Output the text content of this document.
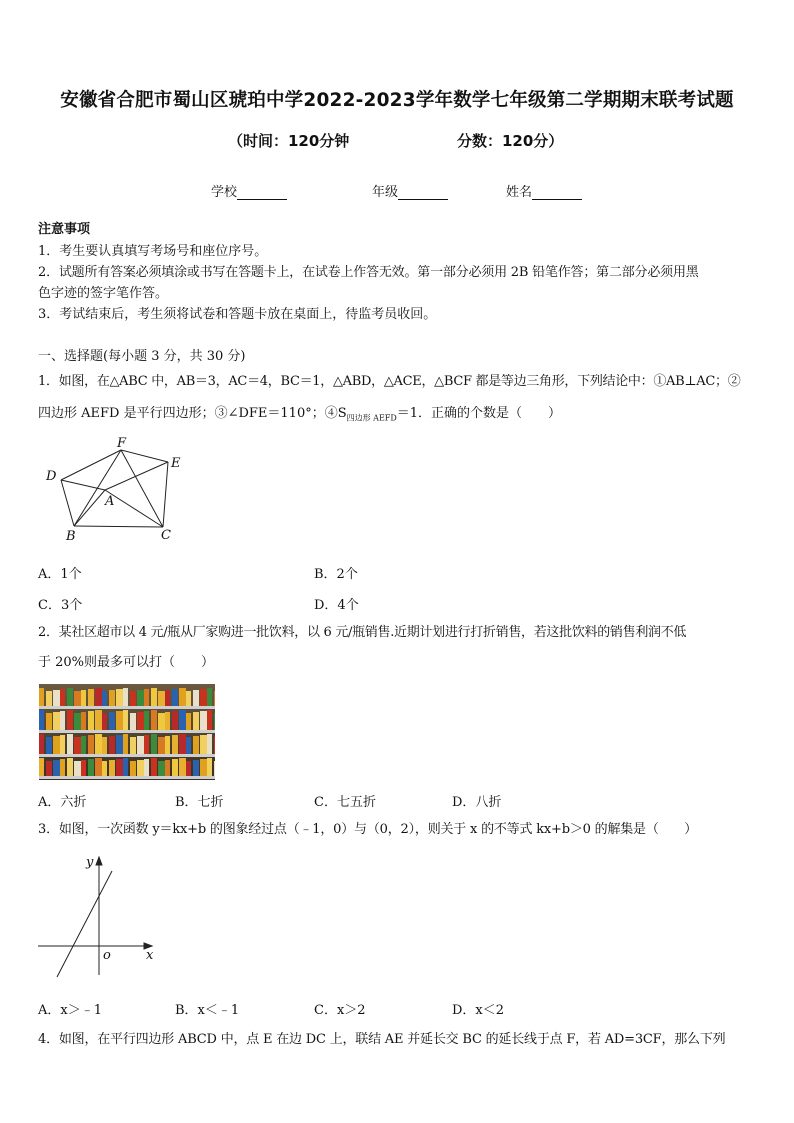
安徽省合肥市蜀山区琥珀中学2022-2023学年数学七年级第二学期期末联考试题
（时间：120分钟	分数：120分）
学校	年级	姓名
注意事项
1．考生要认真填写考场号和座位序号。
2．试题所有答案必须填涂或书写在答题卡上，在试卷上作答无效。第一部分必须用 2B 铅笔作答；第二部分必须用黑
色字迹的签字笔作答。
3．考试结束后，考生须将试卷和答题卡放在桌面上，待监考员收回。
一、选择题(每小题 3 分，共 30 分)
1．如图，在△ABC 中，AB＝3，AC＝4，BC＝1，△ABD，△ACE，△BCF 都是等边三角形，下列结论中：①AB⊥AC；②
四边形 AEFD 是平行四边形；③∠DFE＝110°；$④S_{四边形 AEFD}=1$．正确的个数是（　　）
F
E
D
A
B	C
A．1个	B．2个
C．3个	D．4个
2．某社区超市以 4 元/瓶从厂家购进一批饮料，以 6 元/瓶销售.近期计划进行打折销售，若这批饮料的销售利润不低
于 20%则最多可以打（　　）
A．六折	B．七折	C．七五折	D．八折
3．如图，一次函数 y＝kx+b 的图象经过点（﹣1，0）与（0，2），则关于 x 的不等式 kx+b＞0 的解集是（　　）
y
o	x
A．x＞﹣1	B．x＜﹣1	C．x＞2	D．x＜2
4．如图，在平行四边形 ABCD 中，点 E 在边 DC 上，联结 AE 并延长交 BC 的延长线于点 F，若 AD=3CF，那么下列
